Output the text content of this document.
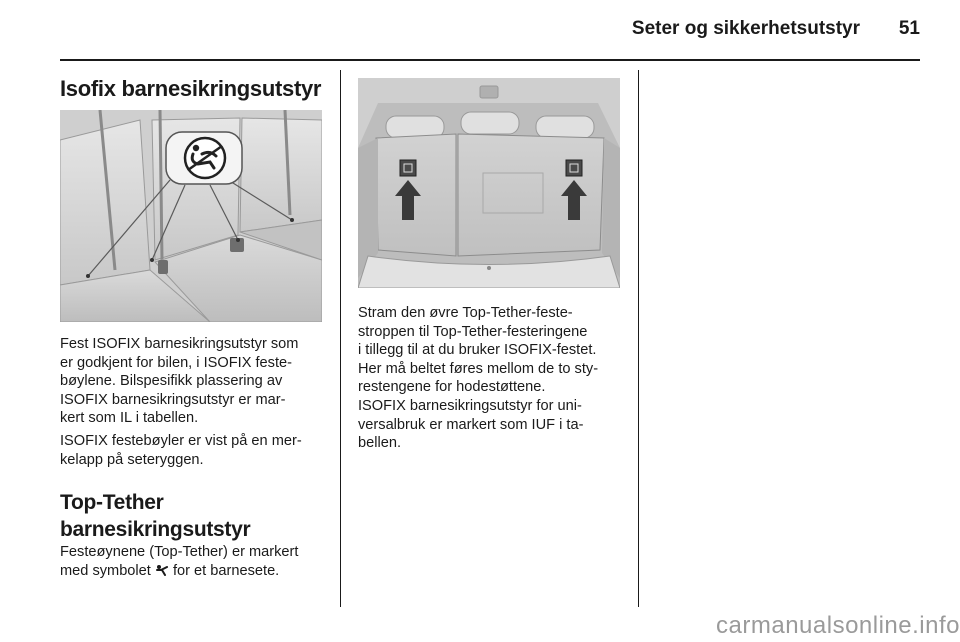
Seter og sikkerhetsutstyr	51
Isofix barnesikringsutstyr
Fest ISOFIX barnesikringsutstyr som
er godkjent for bilen, i ISOFIX feste-
bøylene. Bilspesifikk plassering av
ISOFIX barnesikringsutstyr er mar-
kert som IL i tabellen.
ISOFIX festebøyler er vist på en mer-
kelapp på seteryggen.
Top-Tether
barnesikringsutstyr
Festeøynene (Top-Tether) er markert
med symbolet  for et barnesete.
Stram den øvre Top-Tether-feste-
stroppen til Top-Tether-festeringene
i tillegg til at du bruker ISOFIX-festet.
Her må beltet føres mellom de to sty-
restengene for hodestøttene.
ISOFIX barnesikringsutstyr for uni-
versalbruk er markert som IUF i ta-
bellen.
carmanualsonline.info
